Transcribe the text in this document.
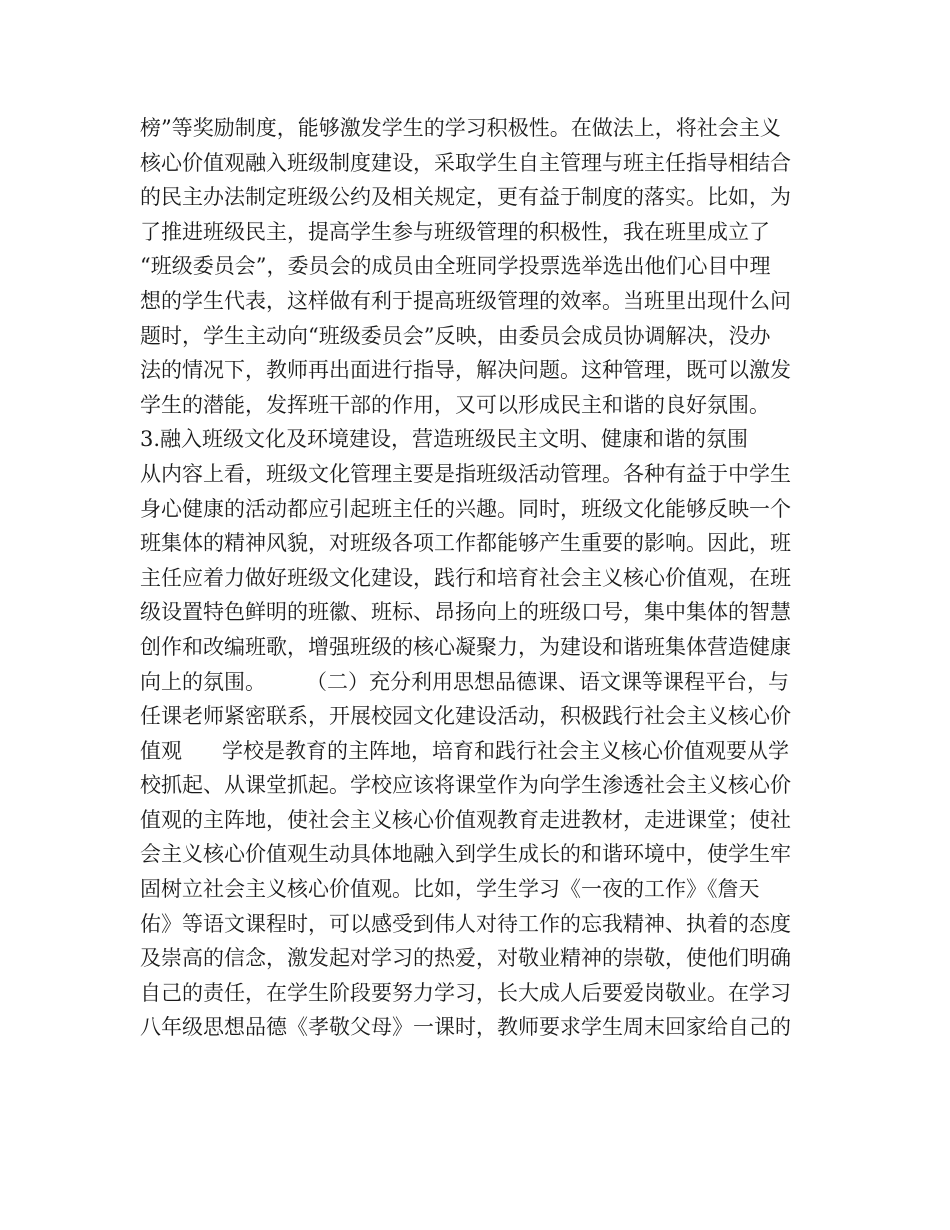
榜”等奖励制度，能够激发学生的学习积极性。在做法上，将社会主义
核心价值观融入班级制度建设，采取学生自主管理与班主任指导相结合
的民主办法制定班级公约及相关规定，更有益于制度的落实。比如，为
了推进班级民主，提高学生参与班级管理的积极性，我在班里成立了
“班级委员会”，委员会的成员由全班同学投票选举选出他们心目中理
想的学生代表，这样做有利于提高班级管理的效率。当班里出现什么问
题时，学生主动向“班级委员会”反映，由委员会成员协调解决，没办
法的情况下，教师再出面进行指导，解决问题。这种管理，既可以激发
学生的潜能，发挥班干部的作用，又可以形成民主和谐的良好氛围。
3.融入班级文化及环境建设，营造班级民主文明、健康和谐的氛围
从内容上看，班级文化管理主要是指班级活动管理。各种有益于中学生
身心健康的活动都应引起班主任的兴趣。同时，班级文化能够反映一个
班集体的精神风貌，对班级各项工作都能够产生重要的影响。因此，班
主任应着力做好班级文化建设，践行和培育社会主义核心价值观，在班
级设置特色鲜明的班徽、班标、昂扬向上的班级口号，集中集体的智慧
创作和改编班歌，增强班级的核心凝聚力，为建设和谐班集体营造健康
向上的氛围。      （二）充分利用思想品德课、语文课等课程平台，与
任课老师紧密联系，开展校园文化建设活动，积极践行社会主义核心价
值观      学校是教育的主阵地，培育和践行社会主义核心价值观要从学
校抓起、从课堂抓起。学校应该将课堂作为向学生渗透社会主义核心价
值观的主阵地，使社会主义核心价值观教育走进教材，走进课堂；使社
会主义核心价值观生动具体地融入到学生成长的和谐环境中，使学生牢
固树立社会主义核心价值观。比如，学生学习《一夜的工作》《詹天
佑》等语文课程时，可以感受到伟人对待工作的忘我精神、执着的态度
及崇高的信念，激发起对学习的热爱，对敬业精神的崇敬，使他们明确
自己的责任，在学生阶段要努力学习，长大成人后要爱岗敬业。在学习
八年级思想品德《孝敬父母》一课时，教师要求学生周末回家给自己的
